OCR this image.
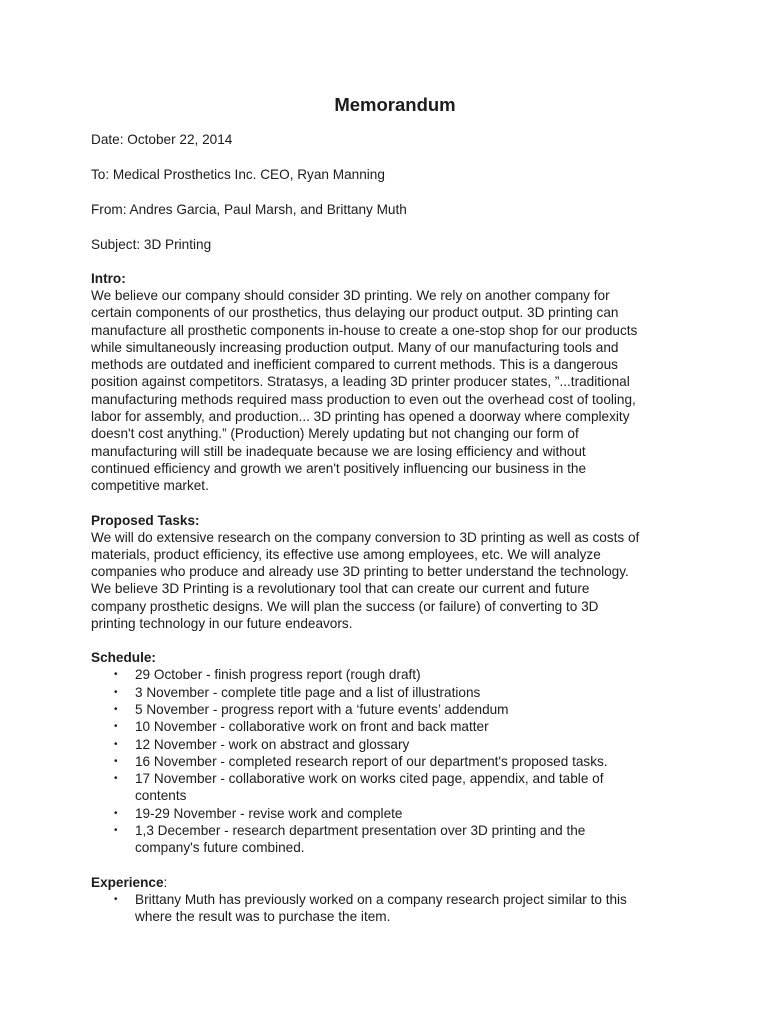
Memorandum

Date: October 22, 2014

To: Medical Prosthetics Inc. CEO, Ryan Manning

From: Andres Garcia, Paul Marsh, and Brittany Muth

Subject: 3D Printing

Intro:

We believe our company should consider 3D printing. We rely on another company for
certain components of our prosthetics, thus delaying our product output. 3D printing can
manufacture all prosthetic components in-house to create a one-stop shop for our products
while simultaneously increasing production output. Many of our manufacturing tools and
methods are outdated and inefficient compared to current methods. This is a dangerous
position against competitors. Stratasys, a leading 3D printer producer states, ”...traditional
manufacturing methods required mass production to even out the overhead cost of tooling,
labor for assembly, and production... 3D printing has opened a doorway where complexity
doesn't cost anything.” (Production) Merely updating but not changing our form of
manufacturing will still be inadequate because we are losing efficiency and without
continued efficiency and growth we aren't positively influencing our business in the
competitive market.

Proposed Tasks:

We will do extensive research on the company conversion to 3D printing as well as costs of
materials, product efficiency, its effective use among employees, etc. We will analyze
companies who produce and already use 3D printing to better understand the technology.
We believe 3D Printing is a revolutionary tool that can create our current and future
company prosthetic designs. We will plan the success (or failure) of converting to 3D
printing technology in our future endeavors.

Schedule:

• 29 October - finish progress report (rough draft)
• 3 November - complete title page and a list of illustrations
• 5 November - progress report with a ‘future events’ addendum
• 10 November - collaborative work on front and back matter
• 12 November - work on abstract and glossary
• 16 November - completed research report of our department's proposed tasks.
• 17 November - collaborative work on works cited page, appendix, and table of
contents
• 19-29 November - revise work and complete
• 1,3 December - research department presentation over 3D printing and the
company's future combined.

Experience:

• Brittany Muth has previously worked on a company research project similar to this
where the result was to purchase the item.
